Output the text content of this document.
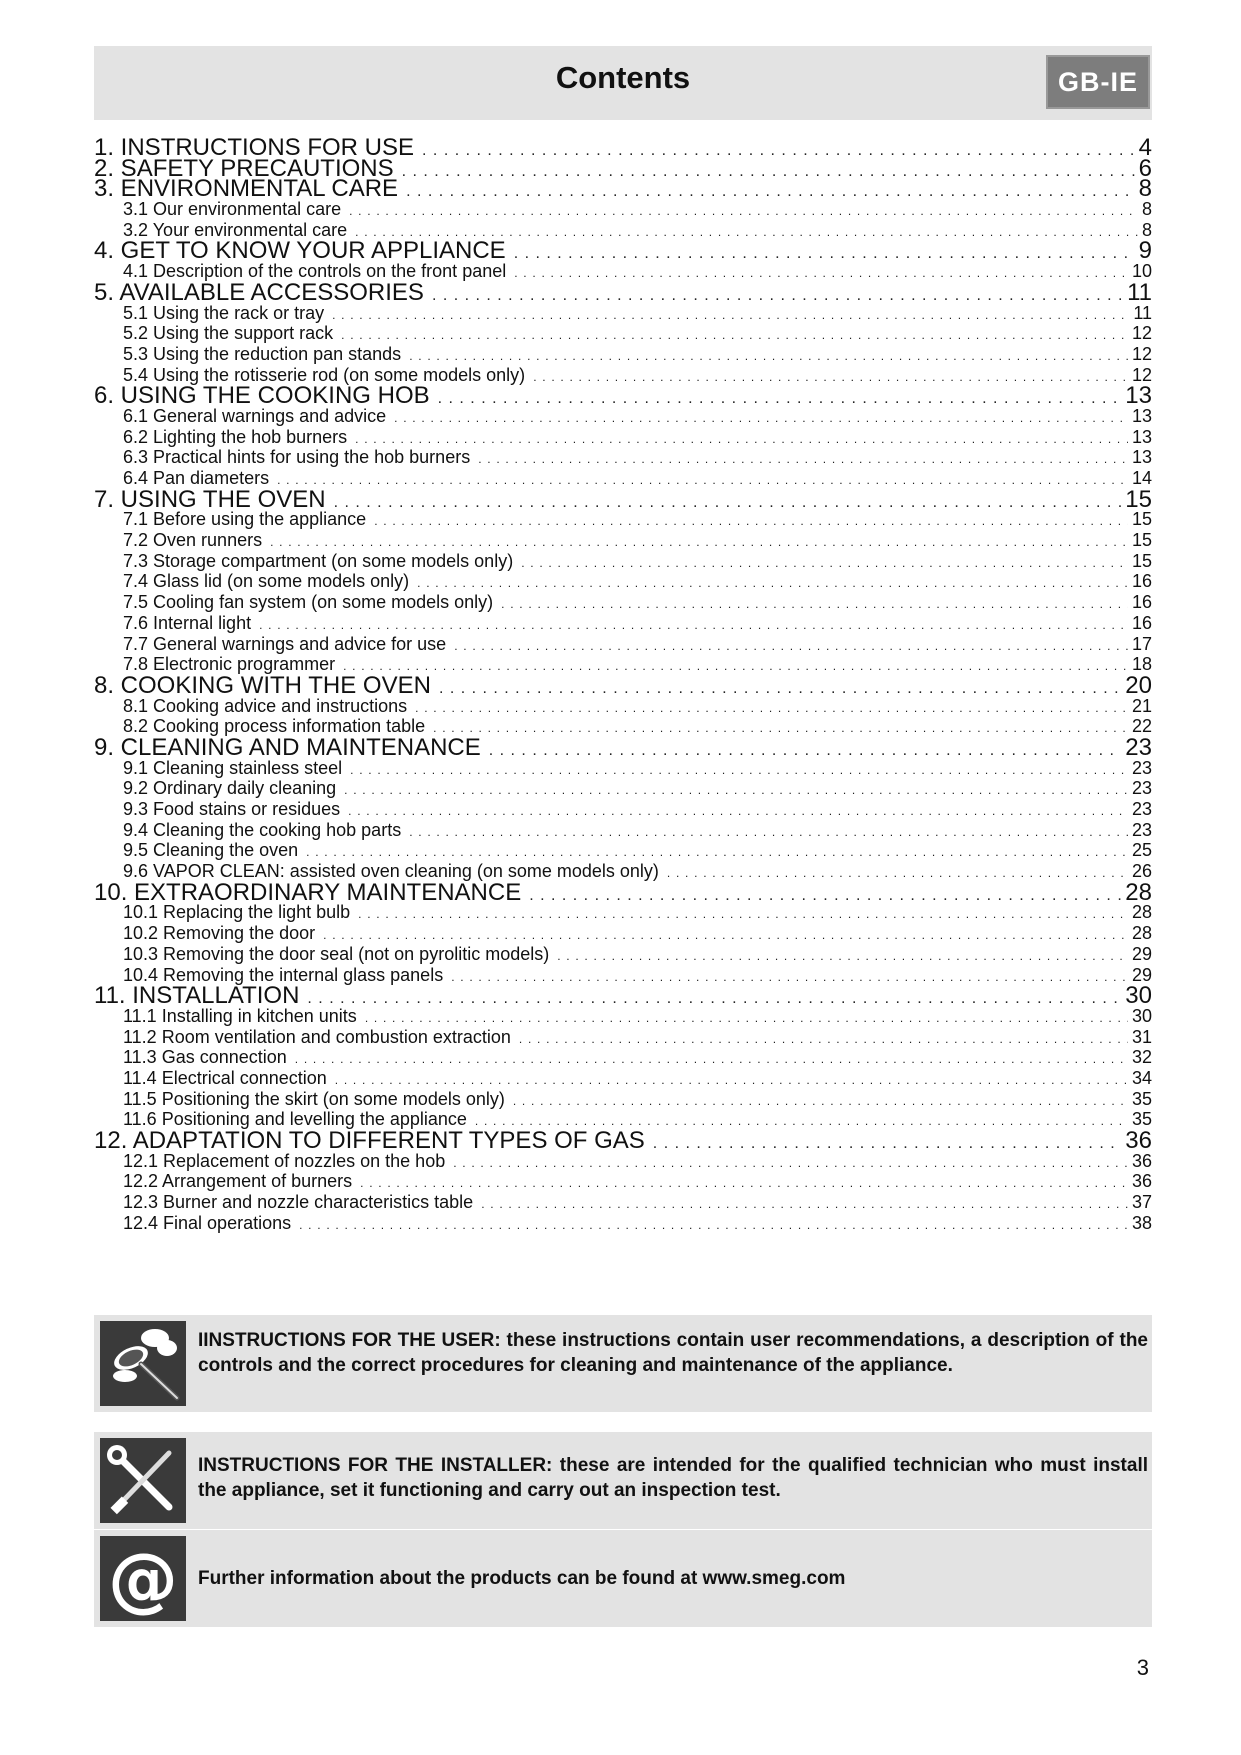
Contents	GB-IE
1. INSTRUCTIONS FOR USE . . .	4
2. SAFETY PRECAUTIONS . . .	6
3. ENVIRONMENTAL CARE . . .	8
3.1 Our environmental care . . .	8
3.2 Your environmental care . . .	8
4. GET TO KNOW YOUR APPLIANCE . . .	9
4.1 Description of the controls on the front panel . . .	10
5. AVAILABLE ACCESSORIES . . .	11
5.1 Using the rack or tray . . .	11
5.2 Using the support rack . . .	12
5.3 Using the reduction pan stands . . .	12
5.4 Using the rotisserie rod (on some models only) . . .	12
6. USING THE COOKING HOB . . .	13
6.1 General warnings and advice . . .	13
6.2 Lighting the hob burners . . .	13
6.3 Practical hints for using the hob burners . . .	13
6.4 Pan diameters . . .	14
7. USING THE OVEN . . .	15
7.1 Before using the appliance . . .	15
7.2 Oven runners . . .	15
7.3 Storage compartment (on some models only) . . .	15
7.4 Glass lid (on some models only) . . .	16
7.5 Cooling fan system (on some models only) . . .	16
7.6 Internal light . . .	16
7.7 General warnings and advice for use . . .	17
7.8 Electronic programmer . . .	18
8. COOKING WITH THE OVEN . . .	20
8.1 Cooking advice and instructions . . .	21
8.2 Cooking process information table . . .	22
9. CLEANING AND MAINTENANCE . . .	23
9.1 Cleaning stainless steel . . .	23
9.2 Ordinary daily cleaning . . .	23
9.3 Food stains or residues . . .	23
9.4 Cleaning the cooking hob parts . . .	23
9.5 Cleaning the oven . . .	25
9.6 VAPOR CLEAN: assisted oven cleaning (on some models only) . . .	26
10. EXTRAORDINARY MAINTENANCE . . .	28
10.1 Replacing the light bulb . . .	28
10.2 Removing the door . . .	28
10.3 Removing the door seal (not on pyrolitic models) . . .	29
10.4 Removing the internal glass panels . . .	29
11. INSTALLATION . . .	30
11.1 Installing in kitchen units . . .	30
11.2 Room ventilation and combustion extraction . . .	31
11.3 Gas connection . . .	32
11.4 Electrical connection . . .	34
11.5 Positioning the skirt (on some models only) . . .	35
11.6 Positioning and levelling the appliance . . .	35
12. ADAPTATION TO DIFFERENT TYPES OF GAS . . .	36
12.1 Replacement of nozzles on the hob . . .	36
12.2 Arrangement of burners . . .	36
12.3 Burner and nozzle characteristics table . . .	37
12.4 Final operations . . .	38
IINSTRUCTIONS FOR THE USER: these instructions contain user recommendations, a description of the controls and the correct procedures for cleaning and maintenance of the appliance.
INSTRUCTIONS FOR THE INSTALLER: these are intended for the qualified technician who must install the appliance, set it functioning and carry out an inspection test.
@ Further information about the products can be found at www.smeg.com
3
